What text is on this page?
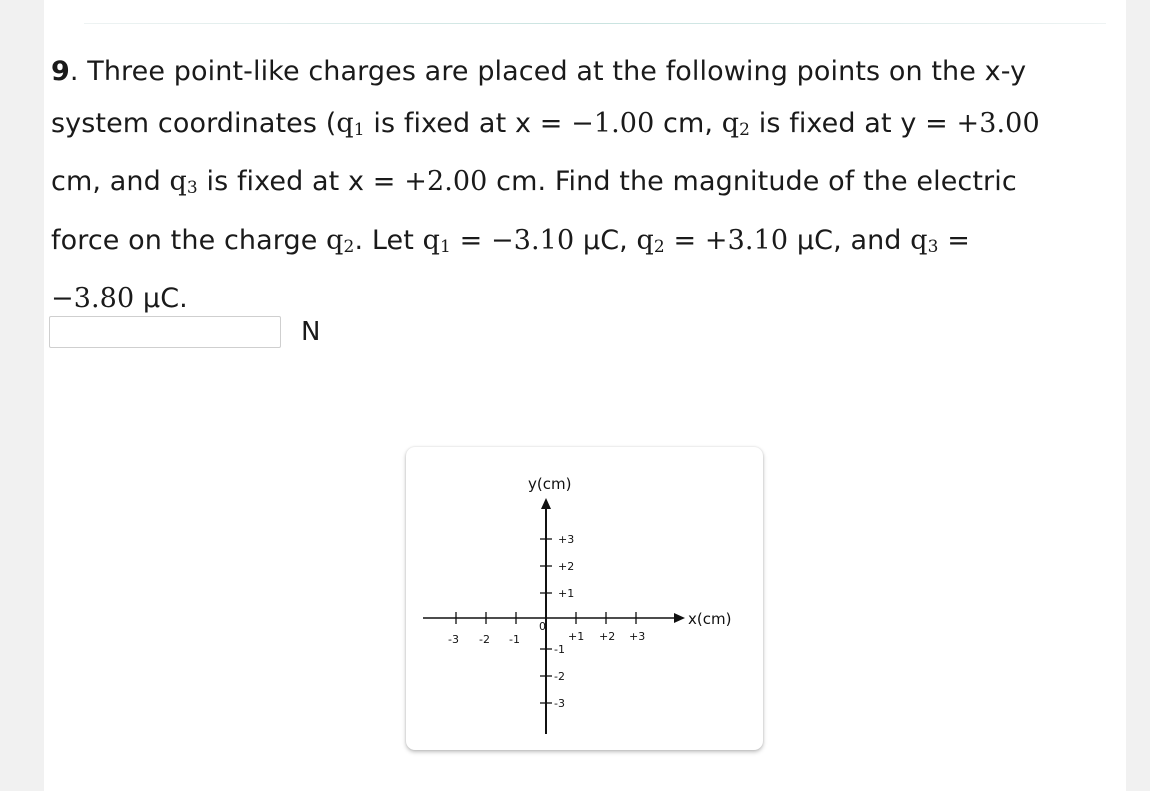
9. Three point-like charges are placed at the following points on the x-y

system coordinates (q1 is fixed at x = −1.00 cm, q2 is fixed at y = +3.00

cm, and q3 is fixed at x = +2.00 cm. Find the magnitude of the electric

force on the charge q2. Let q1 = −3.10 μC, q2 = +3.10 μC, and q3 =

−3.80 μC.

N
y(cm)
x(cm)
0
-3 -2 -1	+1 +2 +3
+3
+2
+1
-1
-2
-3
